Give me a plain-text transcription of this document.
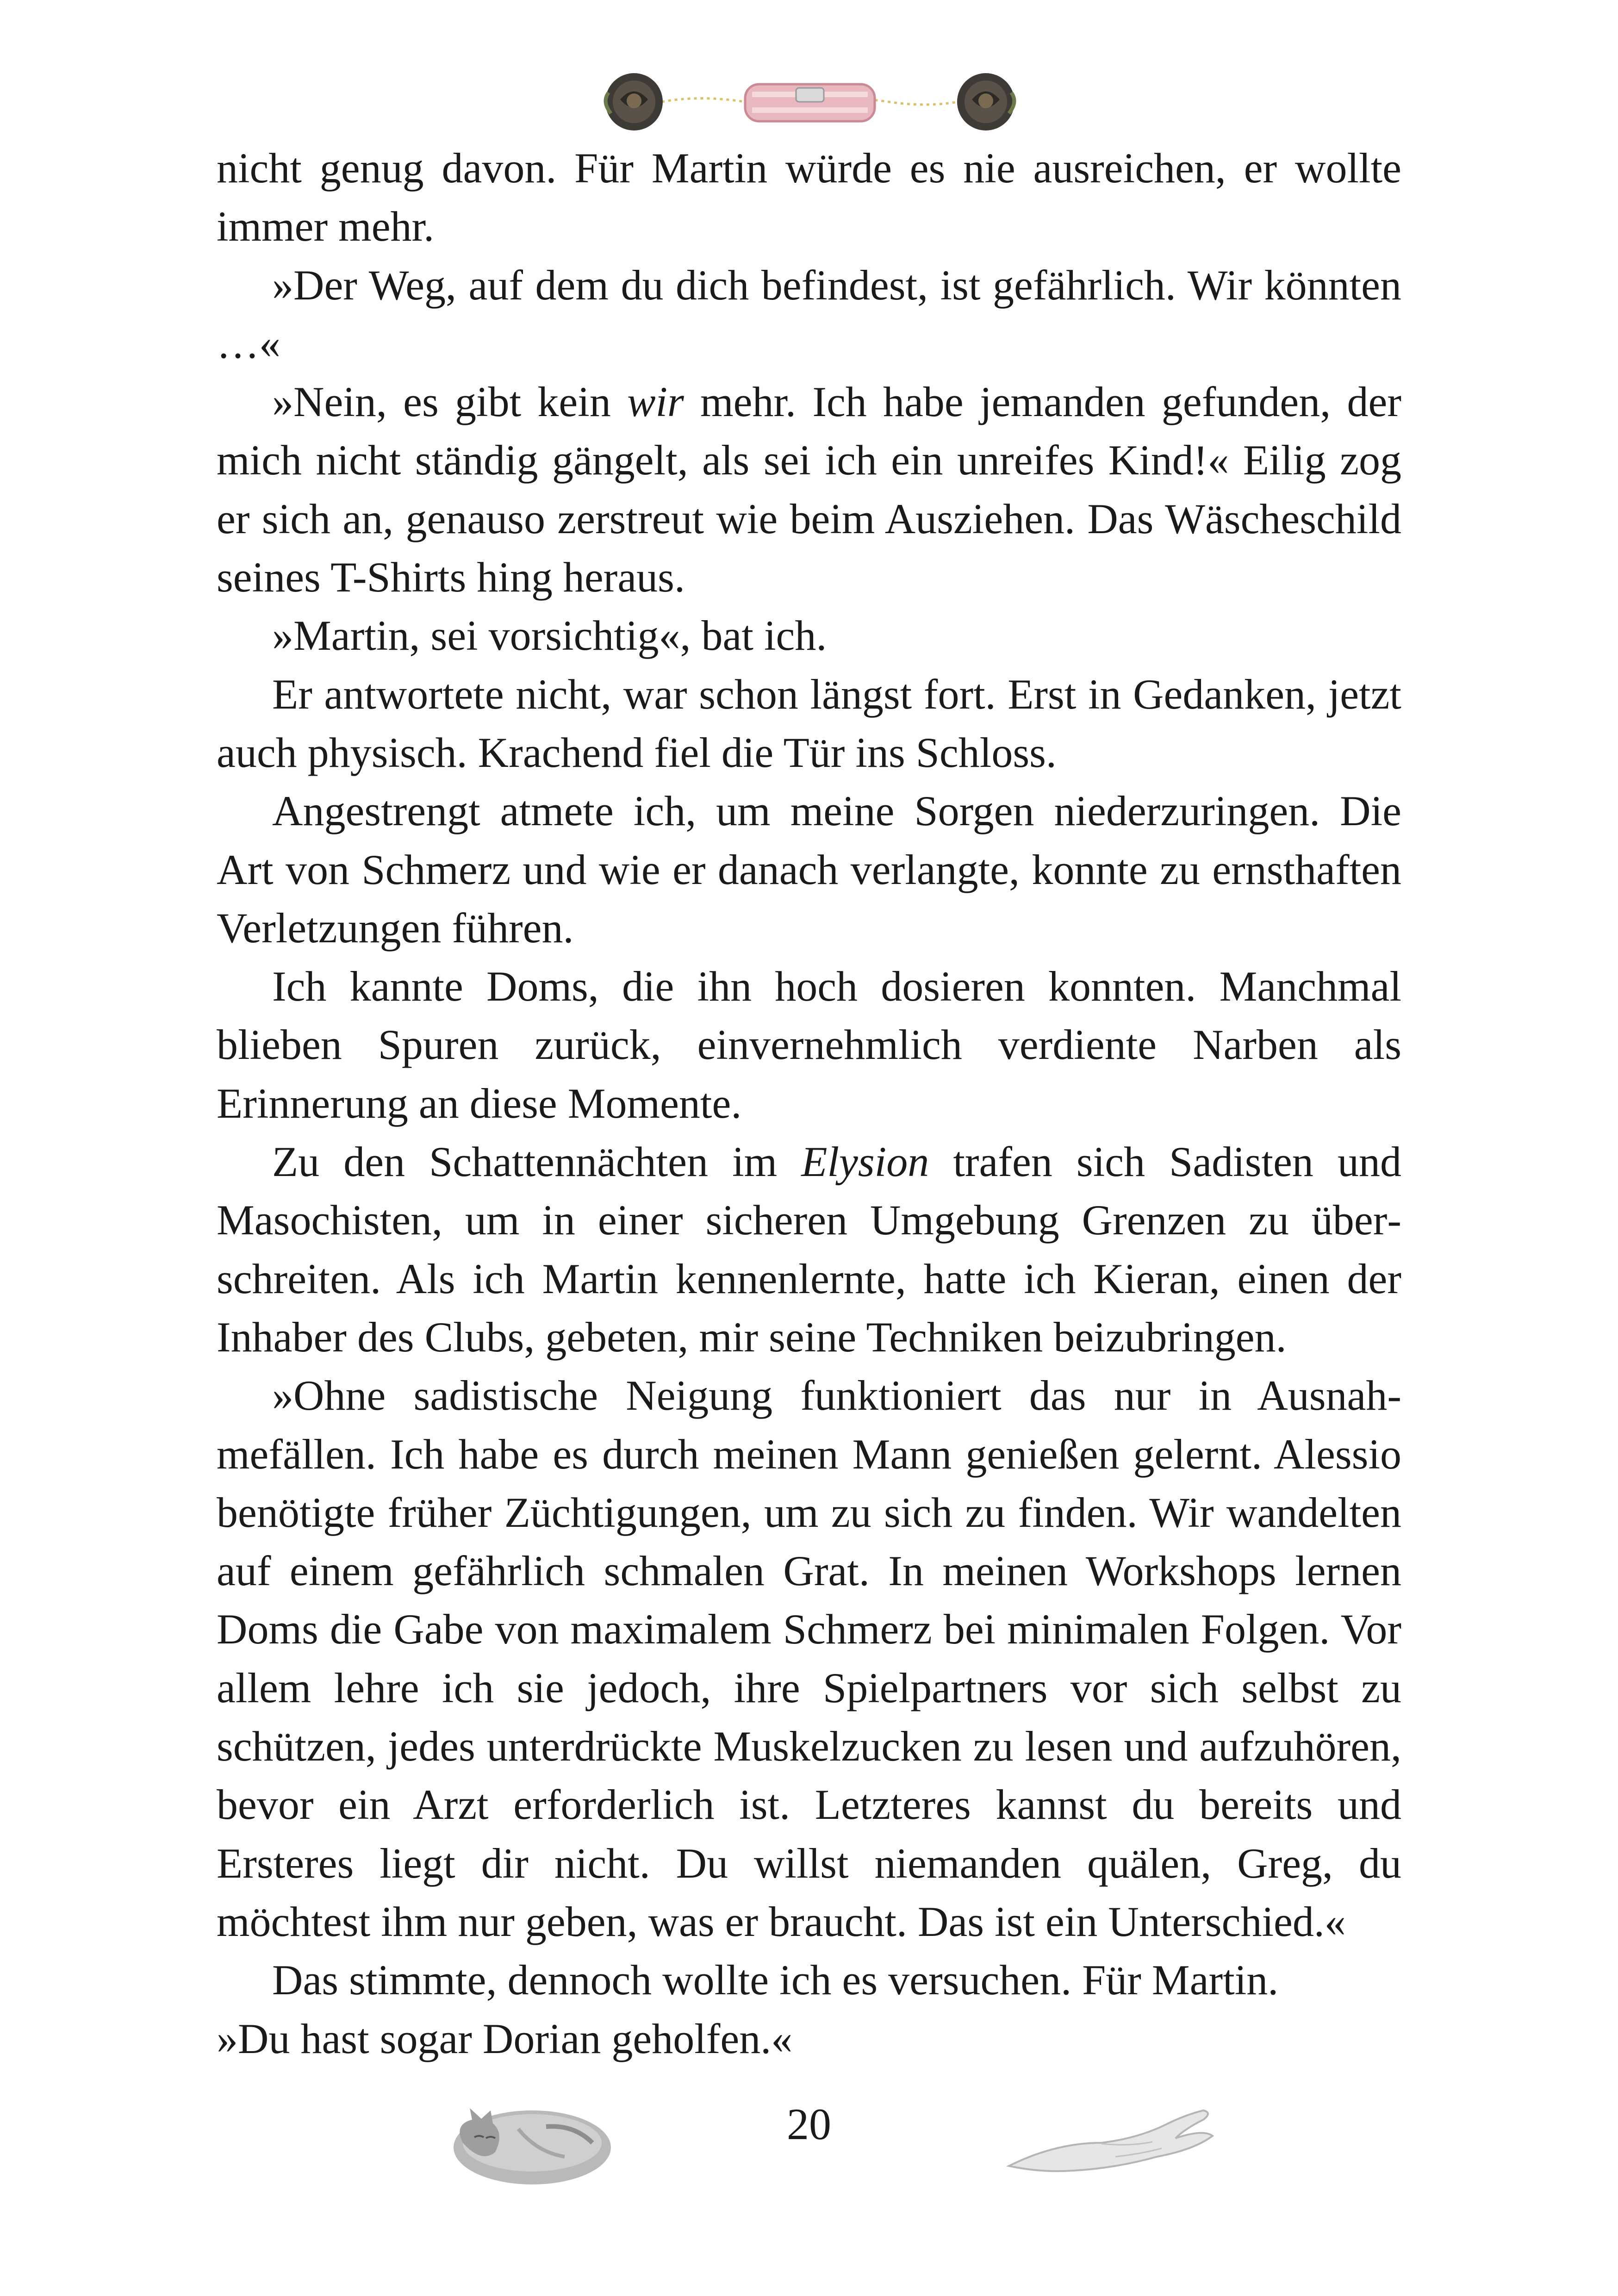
nicht genug davon. Für Martin würde es nie ausreichen, er wollte immer mehr.

»Der Weg, auf dem du dich befindest, ist gefährlich. Wir könnten …«

»Nein, es gibt kein wir mehr. Ich habe jemanden gefunden, der mich nicht ständig gängelt, als sei ich ein unreifes Kind!« Eilig zog er sich an, genauso zerstreut wie beim Ausziehen. Das Wäscheschild seines T-Shirts hing heraus.

»Martin, sei vorsichtig«, bat ich.

Er antwortete nicht, war schon längst fort. Erst in Gedanken, jetzt auch physisch. Krachend fiel die Tür ins Schloss.

Angestrengt atmete ich, um meine Sorgen niederzuringen. Die Art von Schmerz und wie er danach verlangte, konnte zu ernsthaften Verletzungen führen.

Ich kannte Doms, die ihn hoch dosieren konnten. Manchmal blieben Spuren zurück, einvernehmlich verdiente Narben als Erinnerung an diese Momente.

Zu den Schattennächten im Elysion trafen sich Sadisten und Masochisten, um in einer sicheren Umgebung Grenzen zu überschreiten. Als ich Martin kennenlernte, hatte ich Kieran, einen der Inhaber des Clubs, gebeten, mir seine Techniken beizubringen.

»Ohne sadistische Neigung funktioniert das nur in Ausnahmefällen. Ich habe es durch meinen Mann genießen gelernt. Alessio benötigte früher Züchtigungen, um zu sich zu finden. Wir wandelten auf einem gefährlich schmalen Grat. In meinen Workshops lernen Doms die Gabe von maximalem Schmerz bei minimalen Folgen. Vor allem lehre ich sie jedoch, ihre Spielpartners vor sich selbst zu schützen, jedes unterdrückte Muskelzucken zu lesen und aufzuhören, bevor ein Arzt erforderlich ist. Letzteres kannst du bereits und Ersteres liegt dir nicht. Du willst niemanden quälen, Greg, du möchtest ihm nur geben, was er braucht. Das ist ein Unterschied.«

Das stimmte, dennoch wollte ich es versuchen. Für Martin.

»Du hast sogar Dorian geholfen.«

20
